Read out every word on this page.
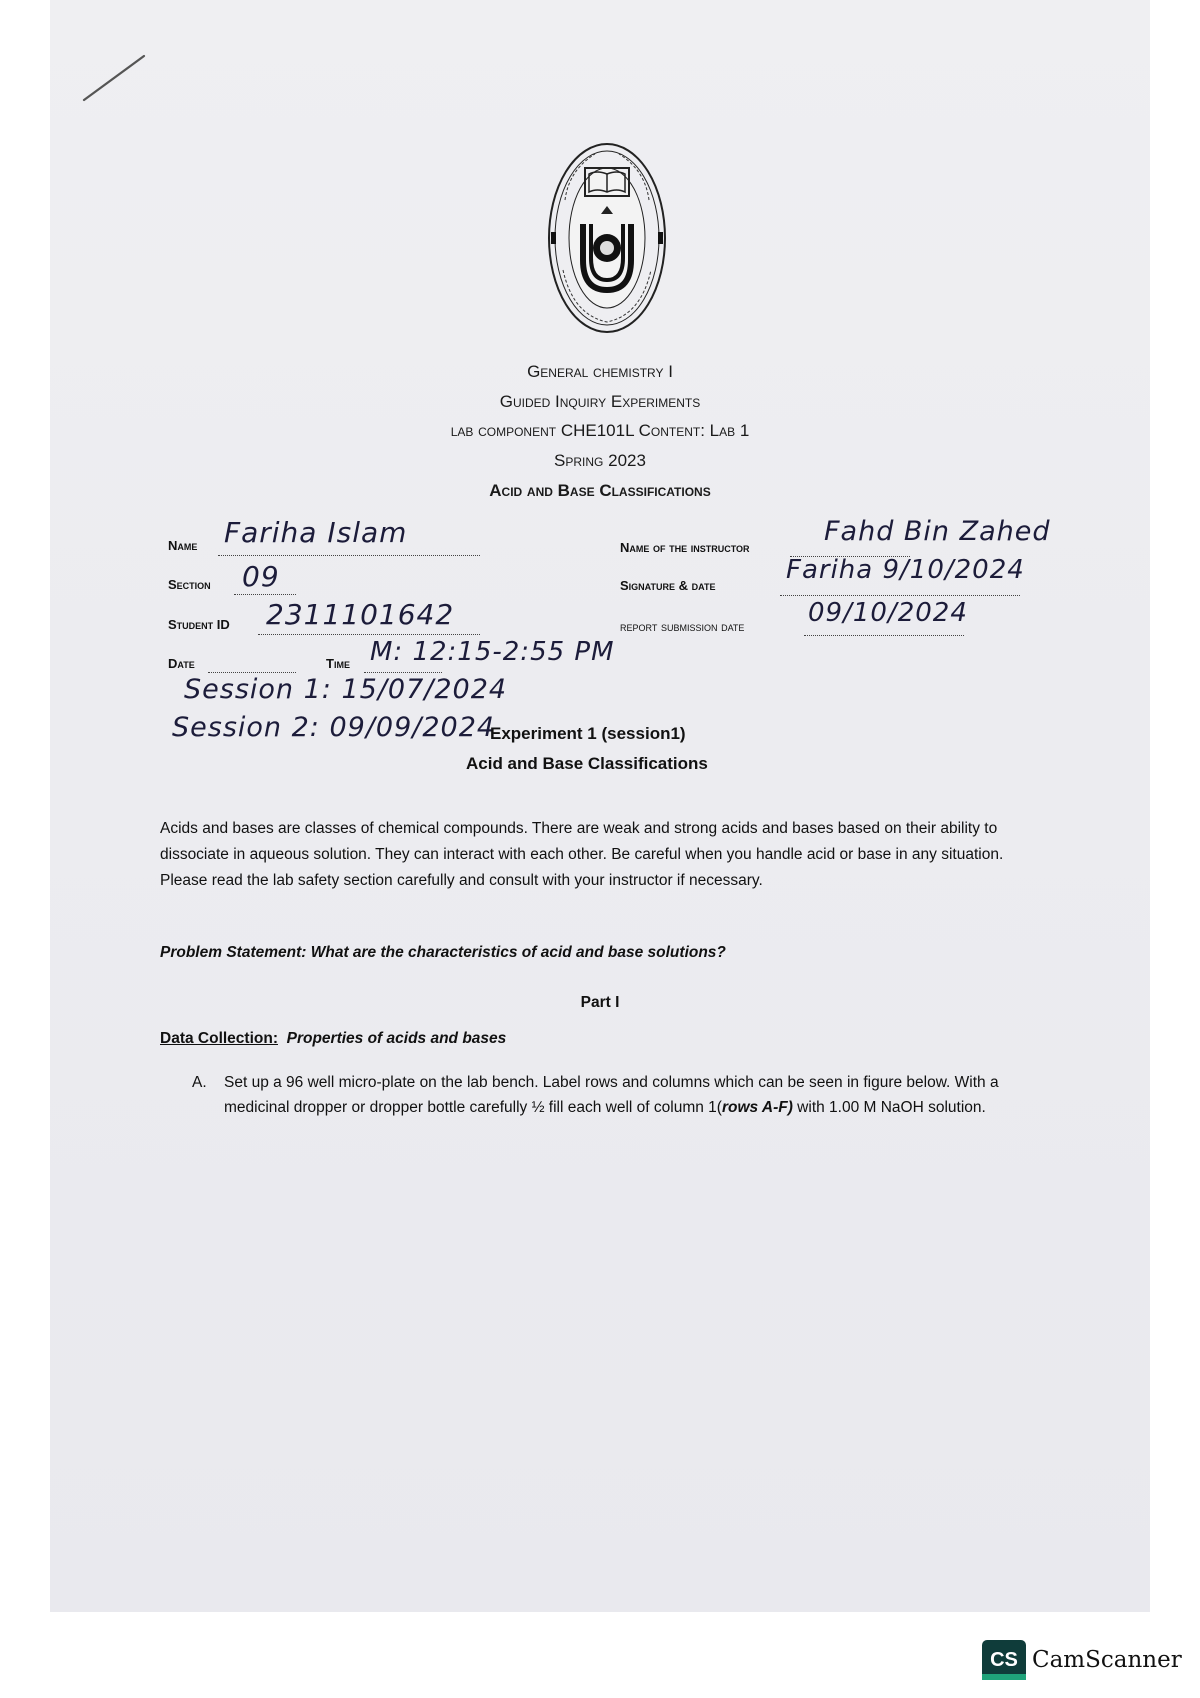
General chemistry I
Guided Inquiry Experiments
lab component CHE101L Content: Lab 1
Spring 2023
Acid and Base Classifications
Name Fariha Islam
Section 09
Student ID 2311101642
Date	Time M: 12:15-2:55 PM
Session 1: 15/07/2024
Session 2: 09/09/2024
Name of the instructor
Fahd Bin Zahed
Signature & date
Fariha 9/10/2024
report submission date 09/10/2024
Experiment 1 (session1)
Acid and Base Classifications
Acids and bases are classes of chemical compounds. There are weak and strong acids and bases based on their ability to dissociate in aqueous solution. They can interact with each other. Be careful when you handle acid or base in any situation. Please read the lab safety section carefully and consult with your instructor if necessary.
Problem Statement: What are the characteristics of acid and base solutions?
Part I
Data Collection: Properties of acids and bases
A. Set up a 96 well micro-plate on the lab bench. Label rows and columns which can be seen in figure below. With a medicinal dropper or dropper bottle carefully ½ fill each well of column 1(rows A-F) with 1.00 M NaOH solution.
CS CamScanner
